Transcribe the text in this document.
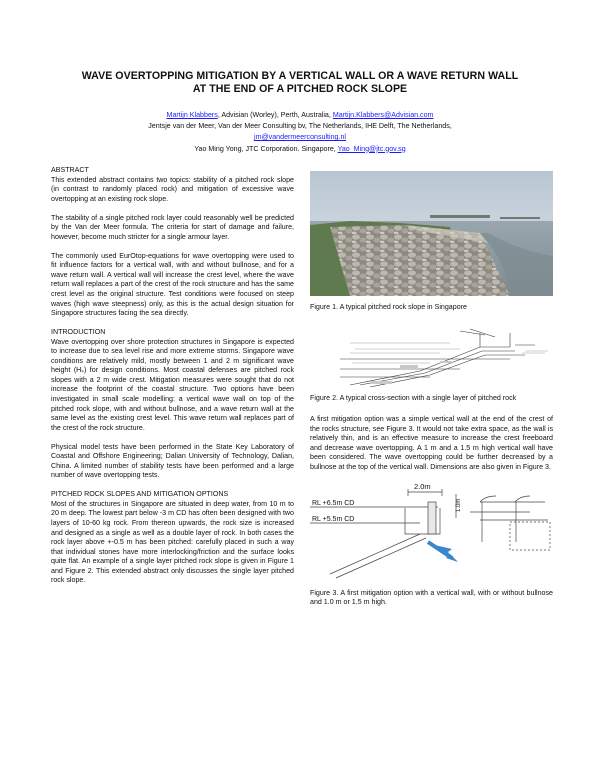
WAVE OVERTOPPING MITIGATION BY A VERTICAL WALL OR A WAVE RETURN WALL
AT THE END OF A PITCHED ROCK SLOPE
Martijn Klabbers, Advisian (Worley), Perth, Australia, Martijn.Klabbers@Advisian.com
Jentsje van der Meer, Van der Meer Consulting bv, The Netherlands, IHE Delft, The Netherlands,
jm@vandermeerconsulting.nl
Yao Ming Yong, JTC Corporation. Singapore, Yao_Ming@jtc.gov.sg
ABSTRACT

This extended abstract contains two topics: stability of a pitched rock slope (in contrast to randomly placed rock) and mitigation of excessive wave overtopping at an existing rock slope.

The stability of a single pitched rock layer could reasonably well be predicted by the Van der Meer formula. The criteria for start of damage and failure, however, become much stricter for a single armour layer.

The commonly used EurOtop-equations for wave overtopping were used to fit influence factors for a vertical wall, with and without bullnose, and for a wave return wall. A vertical wall will increase the crest level, where the wave return wall replaces a part of the crest of the rock structure and has the same crest level as the original structure. Test conditions were focused on steep waves (high wave steepness) only, as this is the actual design situation for Singapore structures facing the sea directly.

INTRODUCTION

Wave overtopping over shore protection structures in Singapore is expected to increase due to sea level rise and more extreme storms. Singapore wave conditions are relatively mild, mostly between 1 and 2 m significant wave height (Hₛ) for design conditions. Most coastal defenses are pitched rock slopes with a 2 m wide crest. Mitigation measures were sought that do not increase the footprint of the coastal structure. Two options have been investigated in small scale modelling: a vertical wave wall on top of the pitched rock slope, with and without bullnose, and a wave return wall at the same level as the existing crest level. This wave return wall replaces part of the crest of the rock structure.

Physical model tests have been performed in the State Key Laboratory of Coastal and Offshore Engineering; Dalian University of Technology, Dalian, China. A limited number of stability tests have been performed and a large number of wave overtopping tests.

PITCHED ROCK SLOPES AND MITIGATION OPTIONS

Most of the structures in Singapore are situated in deep water, from 10 m to 20 m deep. The lowest part below -3 m CD has often been designed with two layers of 10-60 kg rock. From thereon upwards, the rock size is increased and designed as a single as well as a double layer of rock. In both cases the rock layer above +-0.5 m has been pitched: carefully placed in such a way that individual stones have more interlocking/friction and the surface looks quite flat. An example of a single layer pitched rock slope is given in Figure 1 and Figure 2. This extended abstract only discusses the single layer pitched rock slope.

Figure 1. A typical pitched rock slope in Singapore
Figure 2. A typical cross-section with a single layer of pitched rock

A first mitigation option was a simple vertical wall at the end of the crest of the rocks structure, see Figure 3. It would not take extra space, as the wall is relatively thin, and is an effective measure to increase the crest freeboard and decrease wave overtopping. A 1 m and a 1.5 m high vertical wall have been considered. The wave overtopping could be further decreased by a bullnose at the top of the vertical wall. Dimensions are also given in Figure 3.

2.0m
RL +6.5m CD
RL +5.5m CD
1.0m
Figure 3. A first mitigation option with a vertical wall, with or without bullnose and 1.0 m or 1.5 m high.
